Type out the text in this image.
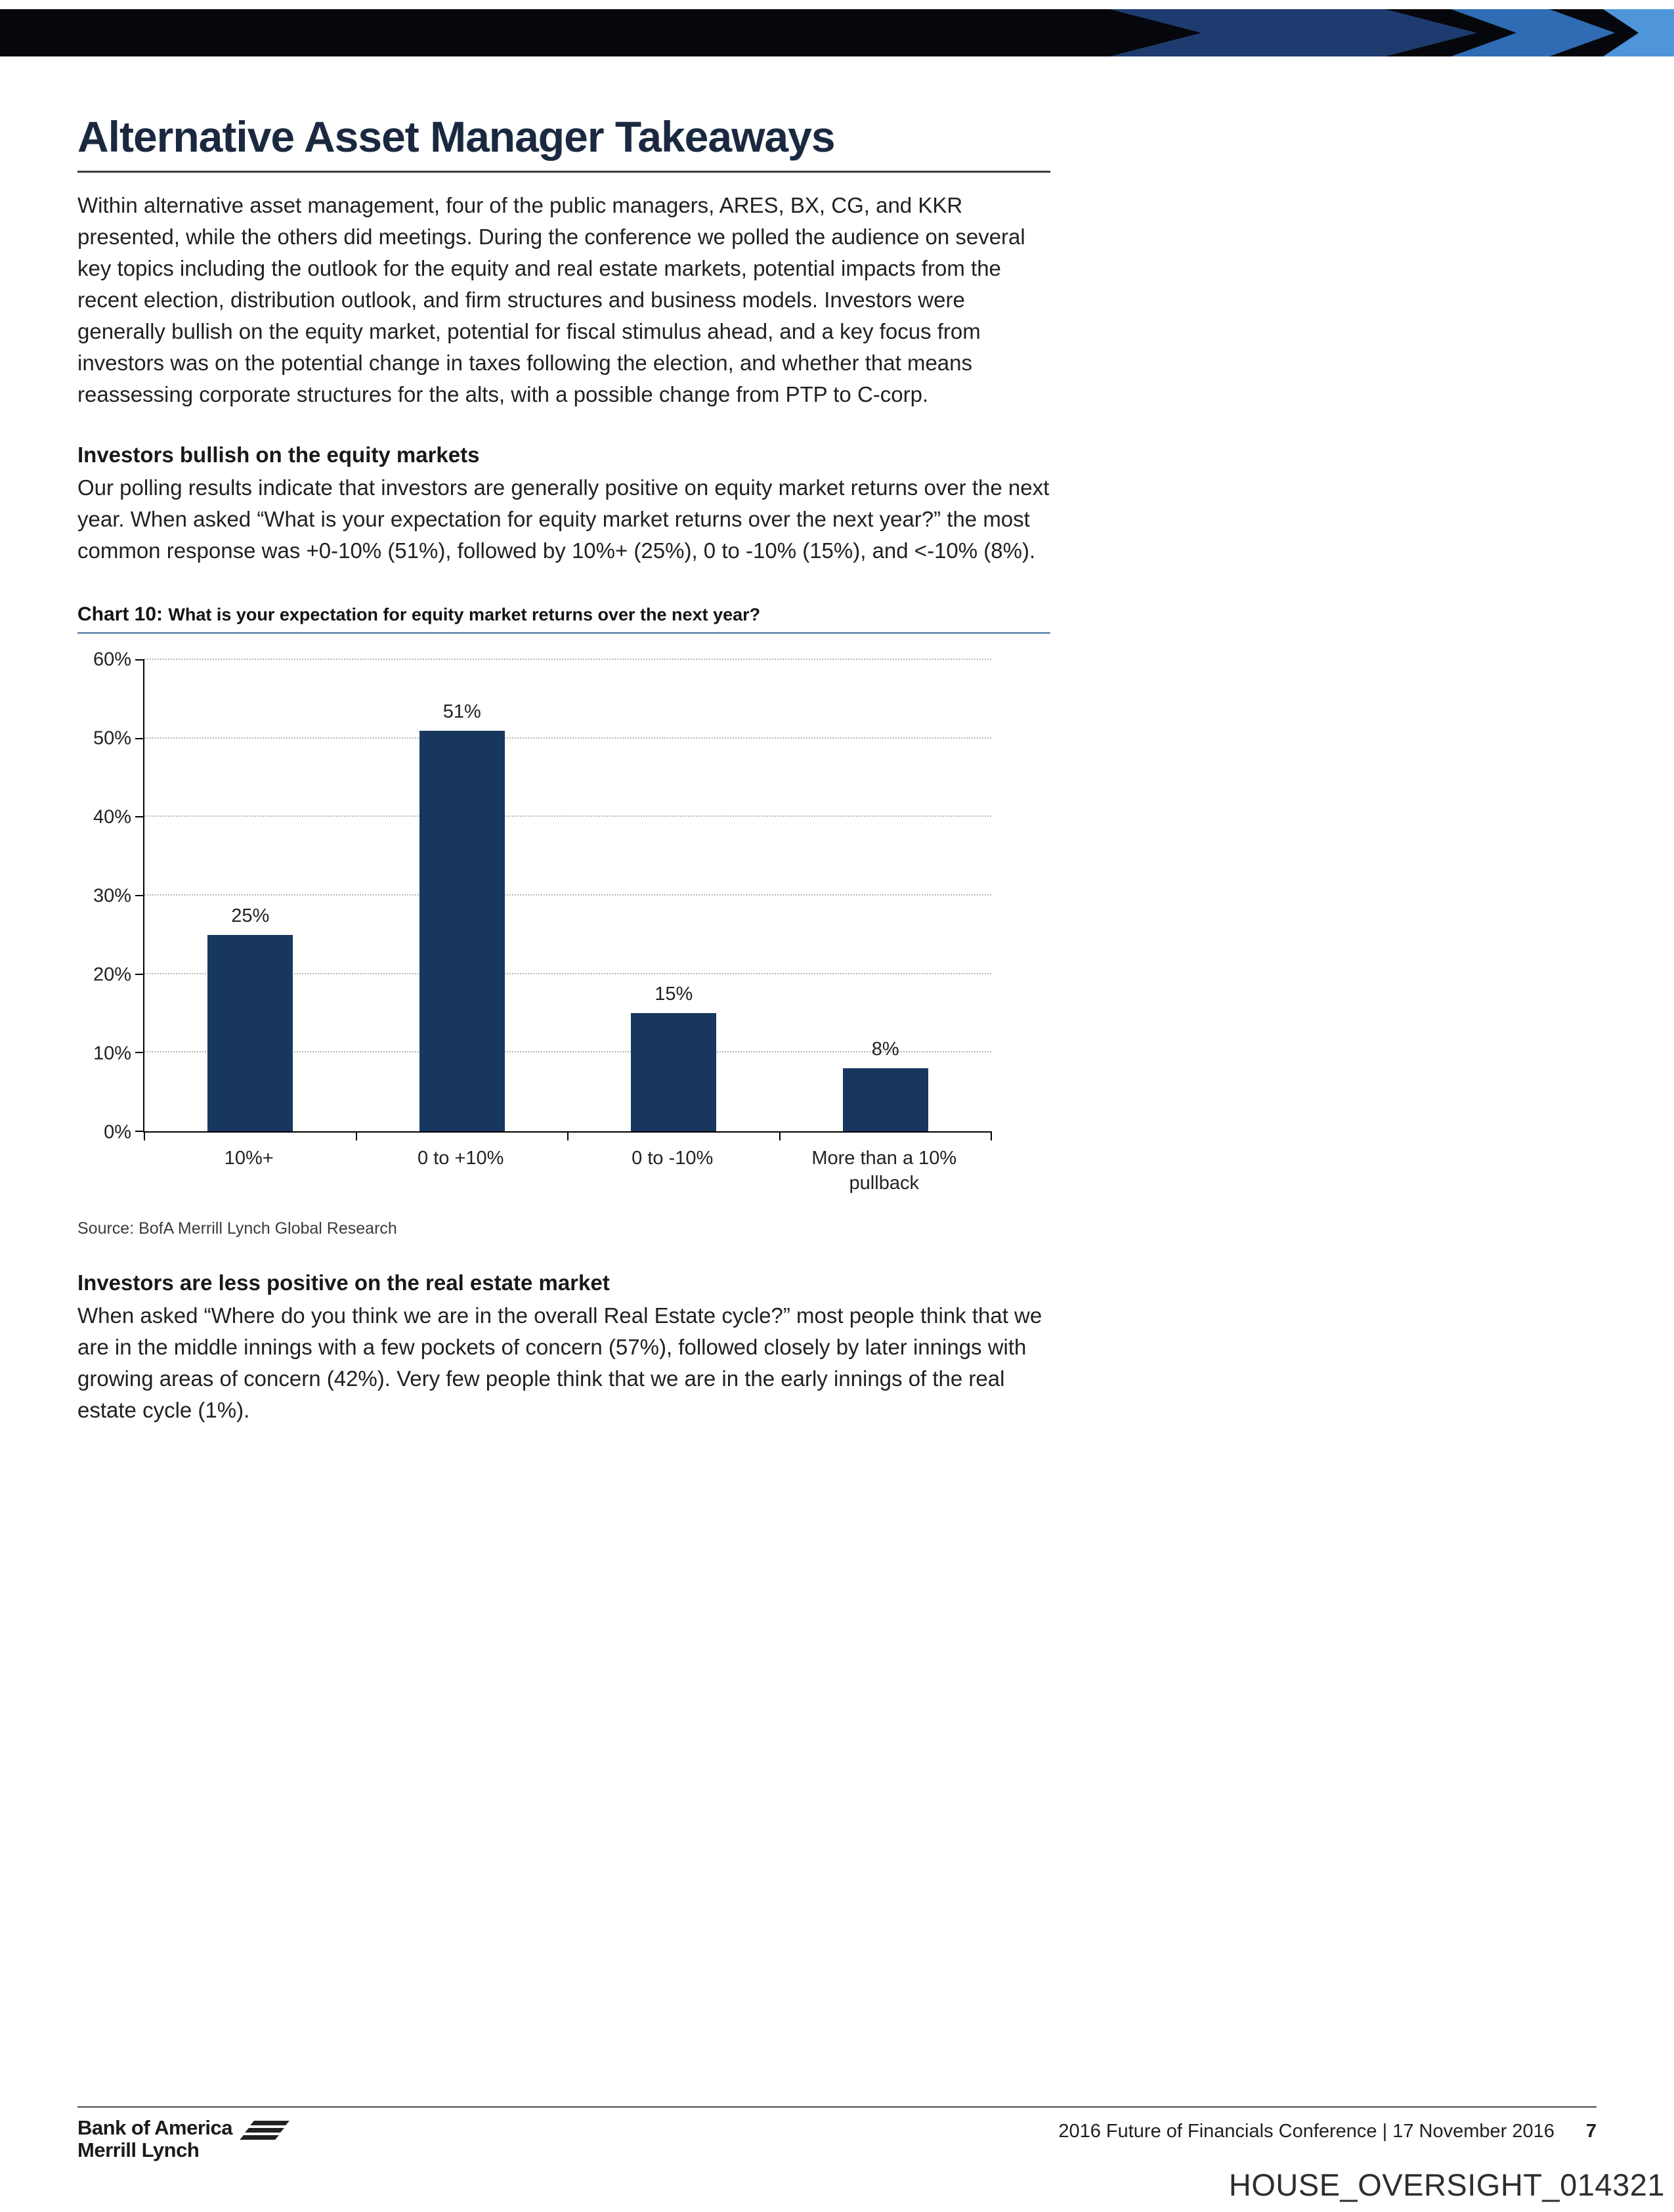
Alternative Asset Manager Takeaways

Within alternative asset management, four of the public managers, ARES, BX, CG, and KKR presented, while the others did meetings. During the conference we polled the audience on several key topics including the outlook for the equity and real estate markets, potential impacts from the recent election, distribution outlook, and firm structures and business models. Investors were generally bullish on the equity market, potential for fiscal stimulus ahead, and a key focus from investors was on the potential change in taxes following the election, and whether that means reassessing corporate structures for the alts, with a possible change from PTP to C-corp.

Investors bullish on the equity markets

Our polling results indicate that investors are generally positive on equity market returns over the next year. When asked “What is your expectation for equity market returns over the next year?” the most common response was +0-10% (51%), followed by 10%+ (25%), 0 to -10% (15%), and <-10% (8%).

Chart 10: What is your expectation for equity market returns over the next year?
0%
10%
20%
30%
40%
50%
60%
25%
51%
15%
8%
10%+	0 to +10%	0 to -10%	More than a 10% pullback
Source: BofA Merrill Lynch Global Research
Investors are less positive on the real estate market

When asked “Where do you think we are in the overall Real Estate cycle?” most people think that we are in the middle innings with a few pockets of concern (57%), followed closely by later innings with growing areas of concern (42%). Very few people think that we are in the early innings of the real estate cycle (1%).

Bank of America
Merrill Lynch
2016 Future of Financials Conference | 17 November 2016 7
HOUSE_OVERSIGHT_014321
